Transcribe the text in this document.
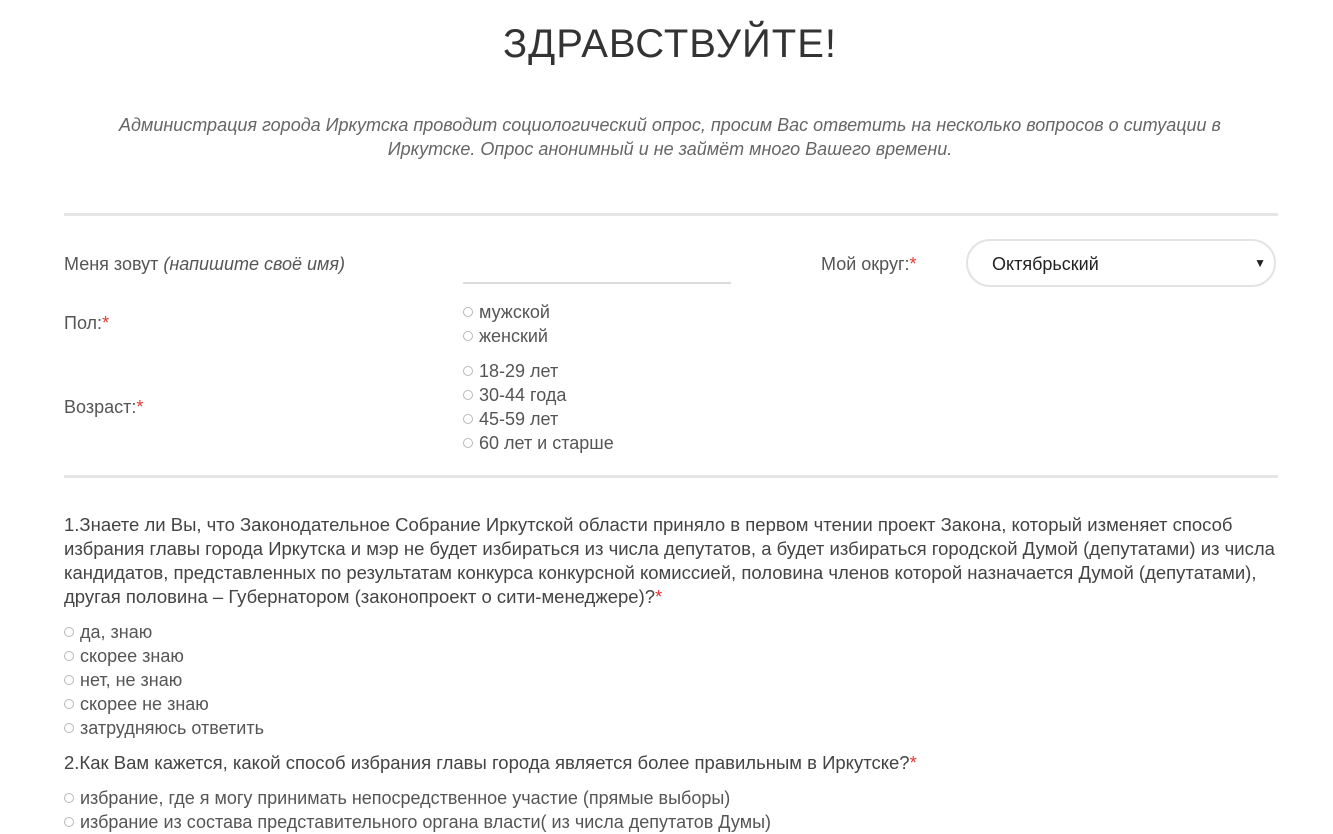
ЗДРАВСТВУЙТЕ!

Администрация города Иркутска проводит социологический опрос, просим Вас ответить на несколько вопросов о ситуации в Иркутске. Опрос анонимный и не займёт много Вашего времени.

Меня зовут (напишите своё имя)	Мой округ:*	Октябрьский	▼
Пол:*
мужской
женский
Возраст:*
18-29 лет
30-44 года
45-59 лет
60 лет и старше

1.Знаете ли Вы, что Законодательное Собрание Иркутской области приняло в первом чтении проект Закона, который изменяет способ избрания главы города Иркутска и мэр не будет избираться из числа депутатов, а будет избираться городской Думой (депутатами) из числа кандидатов, представленных по результатам конкурса конкурсной комиссией, половина членов которой назначается Думой (депутатами), другая половина – Губернатором (законопроект о сити-менеджере)?*

да, знаю
скорее знаю
нет, не знаю
скорее не знаю
затрудняюсь ответить

2.Как Вам кажется, какой способ избрания главы города является более правильным в Иркутске?*

избрание, где я могу принимать непосредственное участие (прямые выборы)
избрание из состава представительного органа власти( из числа депутатов Думы)
